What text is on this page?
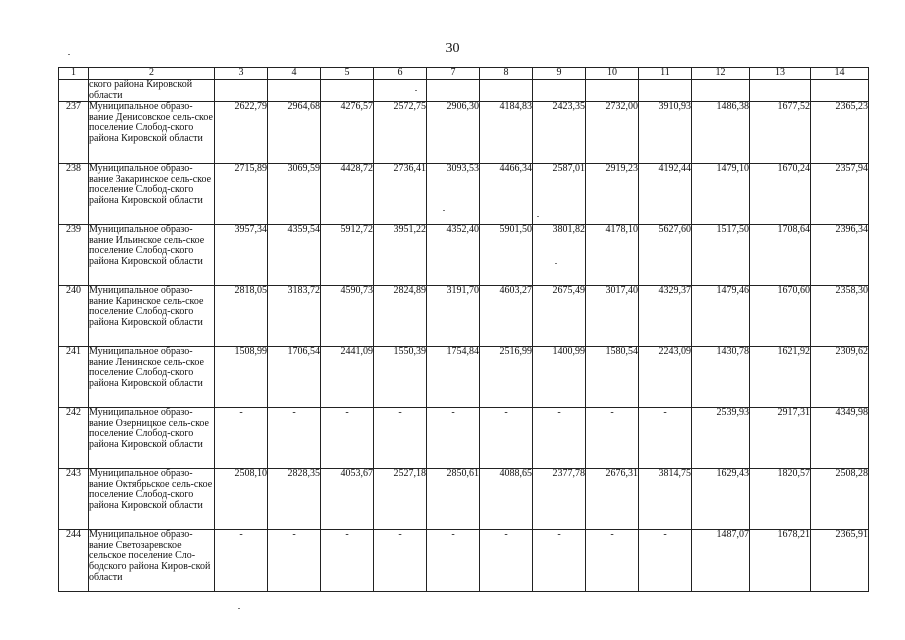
30
1	2	3	4	5	6	7	8	9	10	11	12	13	14
	ского района Кировской области												
237	Муниципальное образо-вание Денисовское сель-ское поселение Слобод-ского района Кировской области	2622,79	2964,68	4276,57	2572,75	2906,30	4184,83	2423,35	2732,00	3910,93	1486,38	1677,52	2365,23
238	Муниципальное образо-вание Закаринское сель-ское поселение Слобод-ского района Кировской области	2715,89	3069,59	4428,72	2736,41	3093,53	4466,34	2587,01	2919,23	4192,44	1479,10	1670,24	2357,94
239	Муниципальное образо-вание Ильинское сель-ское поселение Слобод-ского района Кировской области	3957,34	4359,54	5912,72	3951,22	4352,40	5901,50	3801,82	4178,10	5627,60	1517,50	1708,64	2396,34
240	Муниципальное образо-вание Каринское сель-ское поселение Слобод-ского района Кировской области	2818,05	3183,72	4590,73	2824,89	3191,70	4603,27	2675,49	3017,40	4329,37	1479,46	1670,60	2358,30
241	Муниципальное образо-вание Ленинское сель-ское поселение Слобод-ского района Кировской области	1508,99	1706,54	2441,09	1550,39	1754,84	2516,99	1400,99	1580,54	2243,09	1430,78	1621,92	2309,62
242	Муниципальное образо-вание Озерницкое сель-ское поселение Слобод-ского района Кировской области	-	-	-	-	-	-	-	-	-	2539,93	2917,31	4349,98
243	Муниципальное образо-вание Октябрьское сель-ское поселение Слобод-ского района Кировской области	2508,10	2828,35	4053,67	2527,18	2850,61	4088,65	2377,78	2676,31	3814,75	1629,43	1820,57	2508,28
244	Муниципальное образо-вание Светозаревское сельское поселение Сло-бодского района Киров-ской области	-	-	-	-	-	-	-	-	-	1487,07	1678,21	2365,91
